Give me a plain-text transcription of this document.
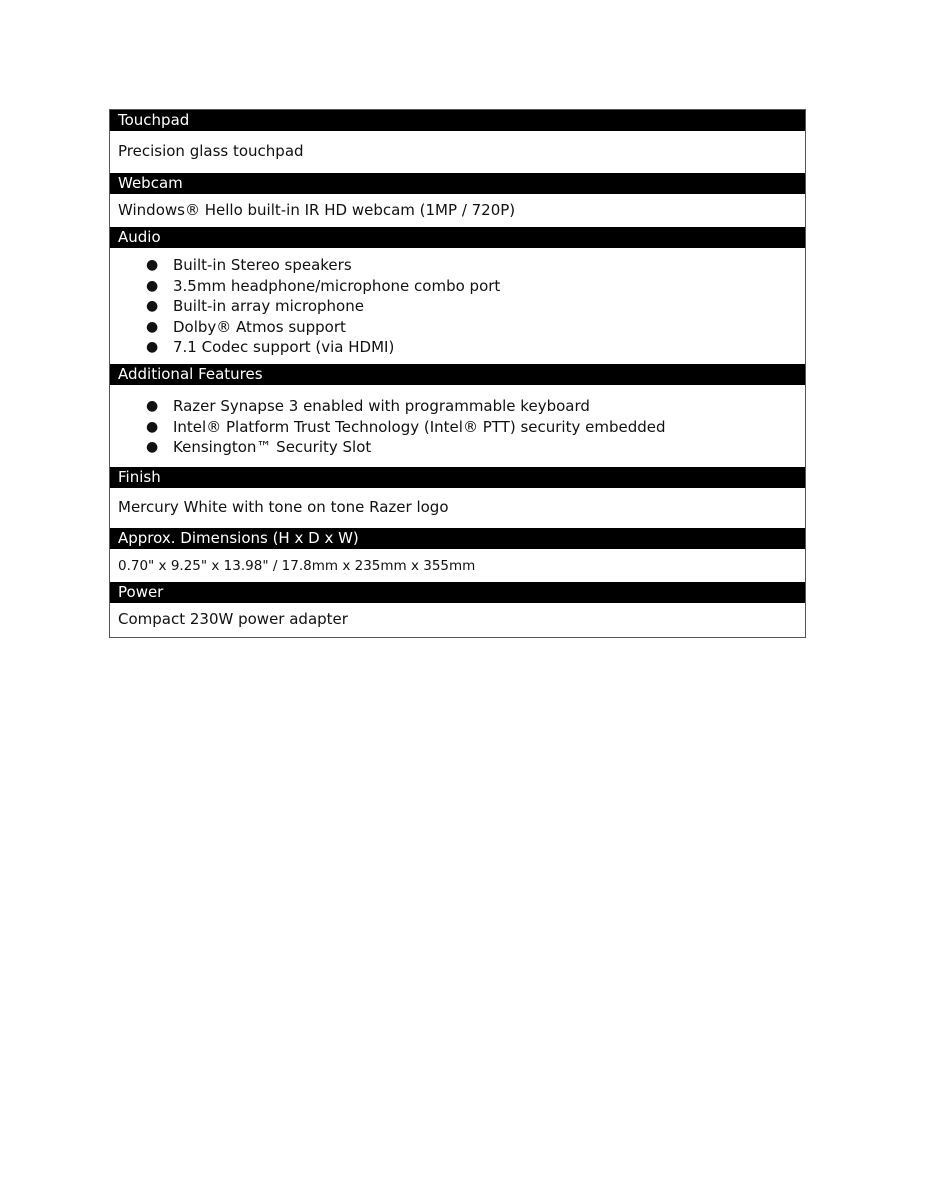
Touchpad
Precision glass touchpad
Webcam
Windows® Hello built-in IR HD webcam (1MP / 720P)
Audio
● Built-in Stereo speakers
● 3.5mm headphone/microphone combo port
● Built-in array microphone
● Dolby® Atmos support
● 7.1 Codec support (via HDMI)
Additional Features
● Razer Synapse 3 enabled with programmable keyboard
● Intel® Platform Trust Technology (Intel® PTT) security embedded
● Kensington™ Security Slot
Finish
Mercury White with tone on tone Razer logo
Approx. Dimensions (H x D x W)
0.70" x 9.25" x 13.98" / 17.8mm x 235mm x 355mm
Power
Compact 230W power adapter
